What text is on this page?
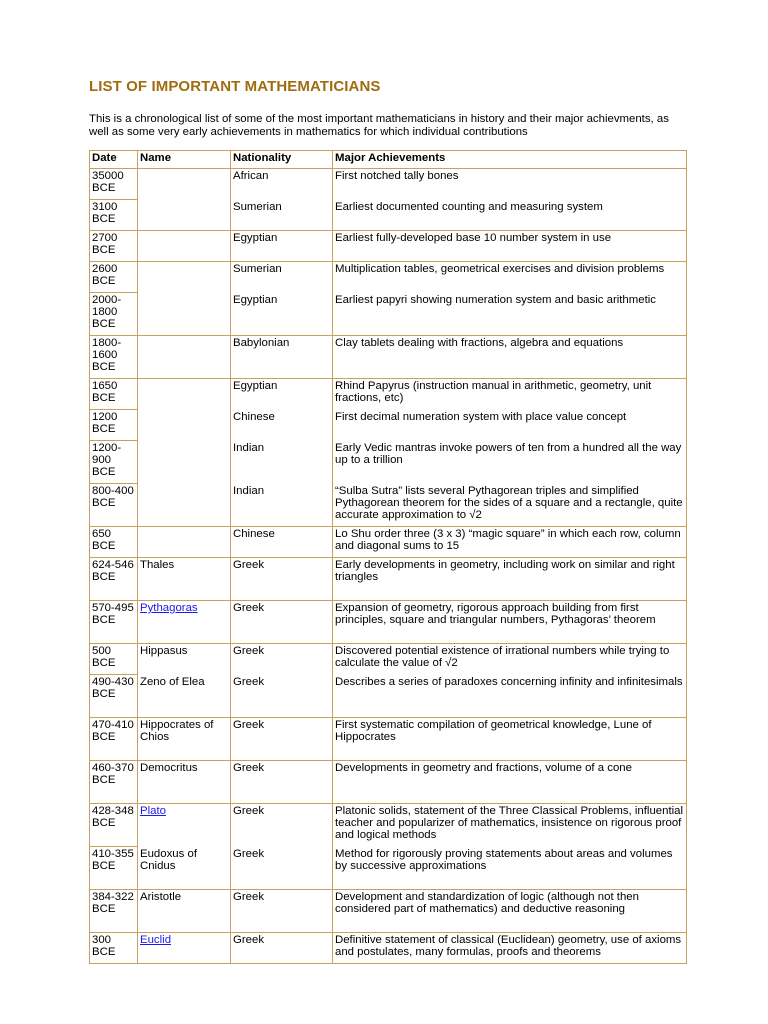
LIST OF IMPORTANT MATHEMATICIANS
This is a chronological list of some of the most important mathematicians in history and their major achievments, as well as some very early achievements in mathematics for which individual contributions
Date	Name	Nationality	Major Achievements
35000 BCE		African	First notched tally bones
3100 BCE		Sumerian	Earliest documented counting and measuring system
2700 BCE		Egyptian	Earliest fully-developed base 10 number system in use
2600 BCE		Sumerian	Multiplication tables, geometrical exercises and division problems
2000-1800 BCE		Egyptian	Earliest papyri showing numeration system and basic arithmetic
1800-1600 BCE		Babylonian	Clay tablets dealing with fractions, algebra and equations
1650 BCE		Egyptian	Rhind Papyrus (instruction manual in arithmetic, geometry, unit fractions, etc)
1200 BCE		Chinese	First decimal numeration system with place value concept
1200-900 BCE		Indian	Early Vedic mantras invoke powers of ten from a hundred all the way up to a trillion
800-400 BCE		Indian	“Sulba Sutra” lists several Pythagorean triples and simplified Pythagorean theorem for the sides of a square and a rectangle, quite accurate approximation to √2
650 BCE		Chinese	Lo Shu order three (3 x 3) “magic square” in which each row, column and diagonal sums to 15
624-546 BCE	Thales	Greek	Early developments in geometry, including work on similar and right triangles
570-495 BCE	Pythagoras	Greek	Expansion of geometry, rigorous approach building from first principles, square and triangular numbers, Pythagoras’ theorem
500 BCE	Hippasus	Greek	Discovered potential existence of irrational numbers while trying to calculate the value of √2
490-430 BCE	Zeno of Elea	Greek	Describes a series of paradoxes concerning infinity and infinitesimals
470-410 BCE	Hippocrates of Chios	Greek	First systematic compilation of geometrical knowledge, Lune of Hippocrates
460-370 BCE	Democritus	Greek	Developments in geometry and fractions, volume of a cone
428-348 BCE	Plato	Greek	Platonic solids, statement of the Three Classical Problems, influential teacher and popularizer of mathematics, insistence on rigorous proof and logical methods
410-355 BCE	Eudoxus of Cnidus	Greek	Method for rigorously proving statements about areas and volumes by successive approximations
384-322 BCE	Aristotle	Greek	Development and standardization of logic (although not then considered part of mathematics) and deductive reasoning
300 BCE	Euclid	Greek	Definitive statement of classical (Euclidean) geometry, use of axioms and postulates, many formulas, proofs and theorems
